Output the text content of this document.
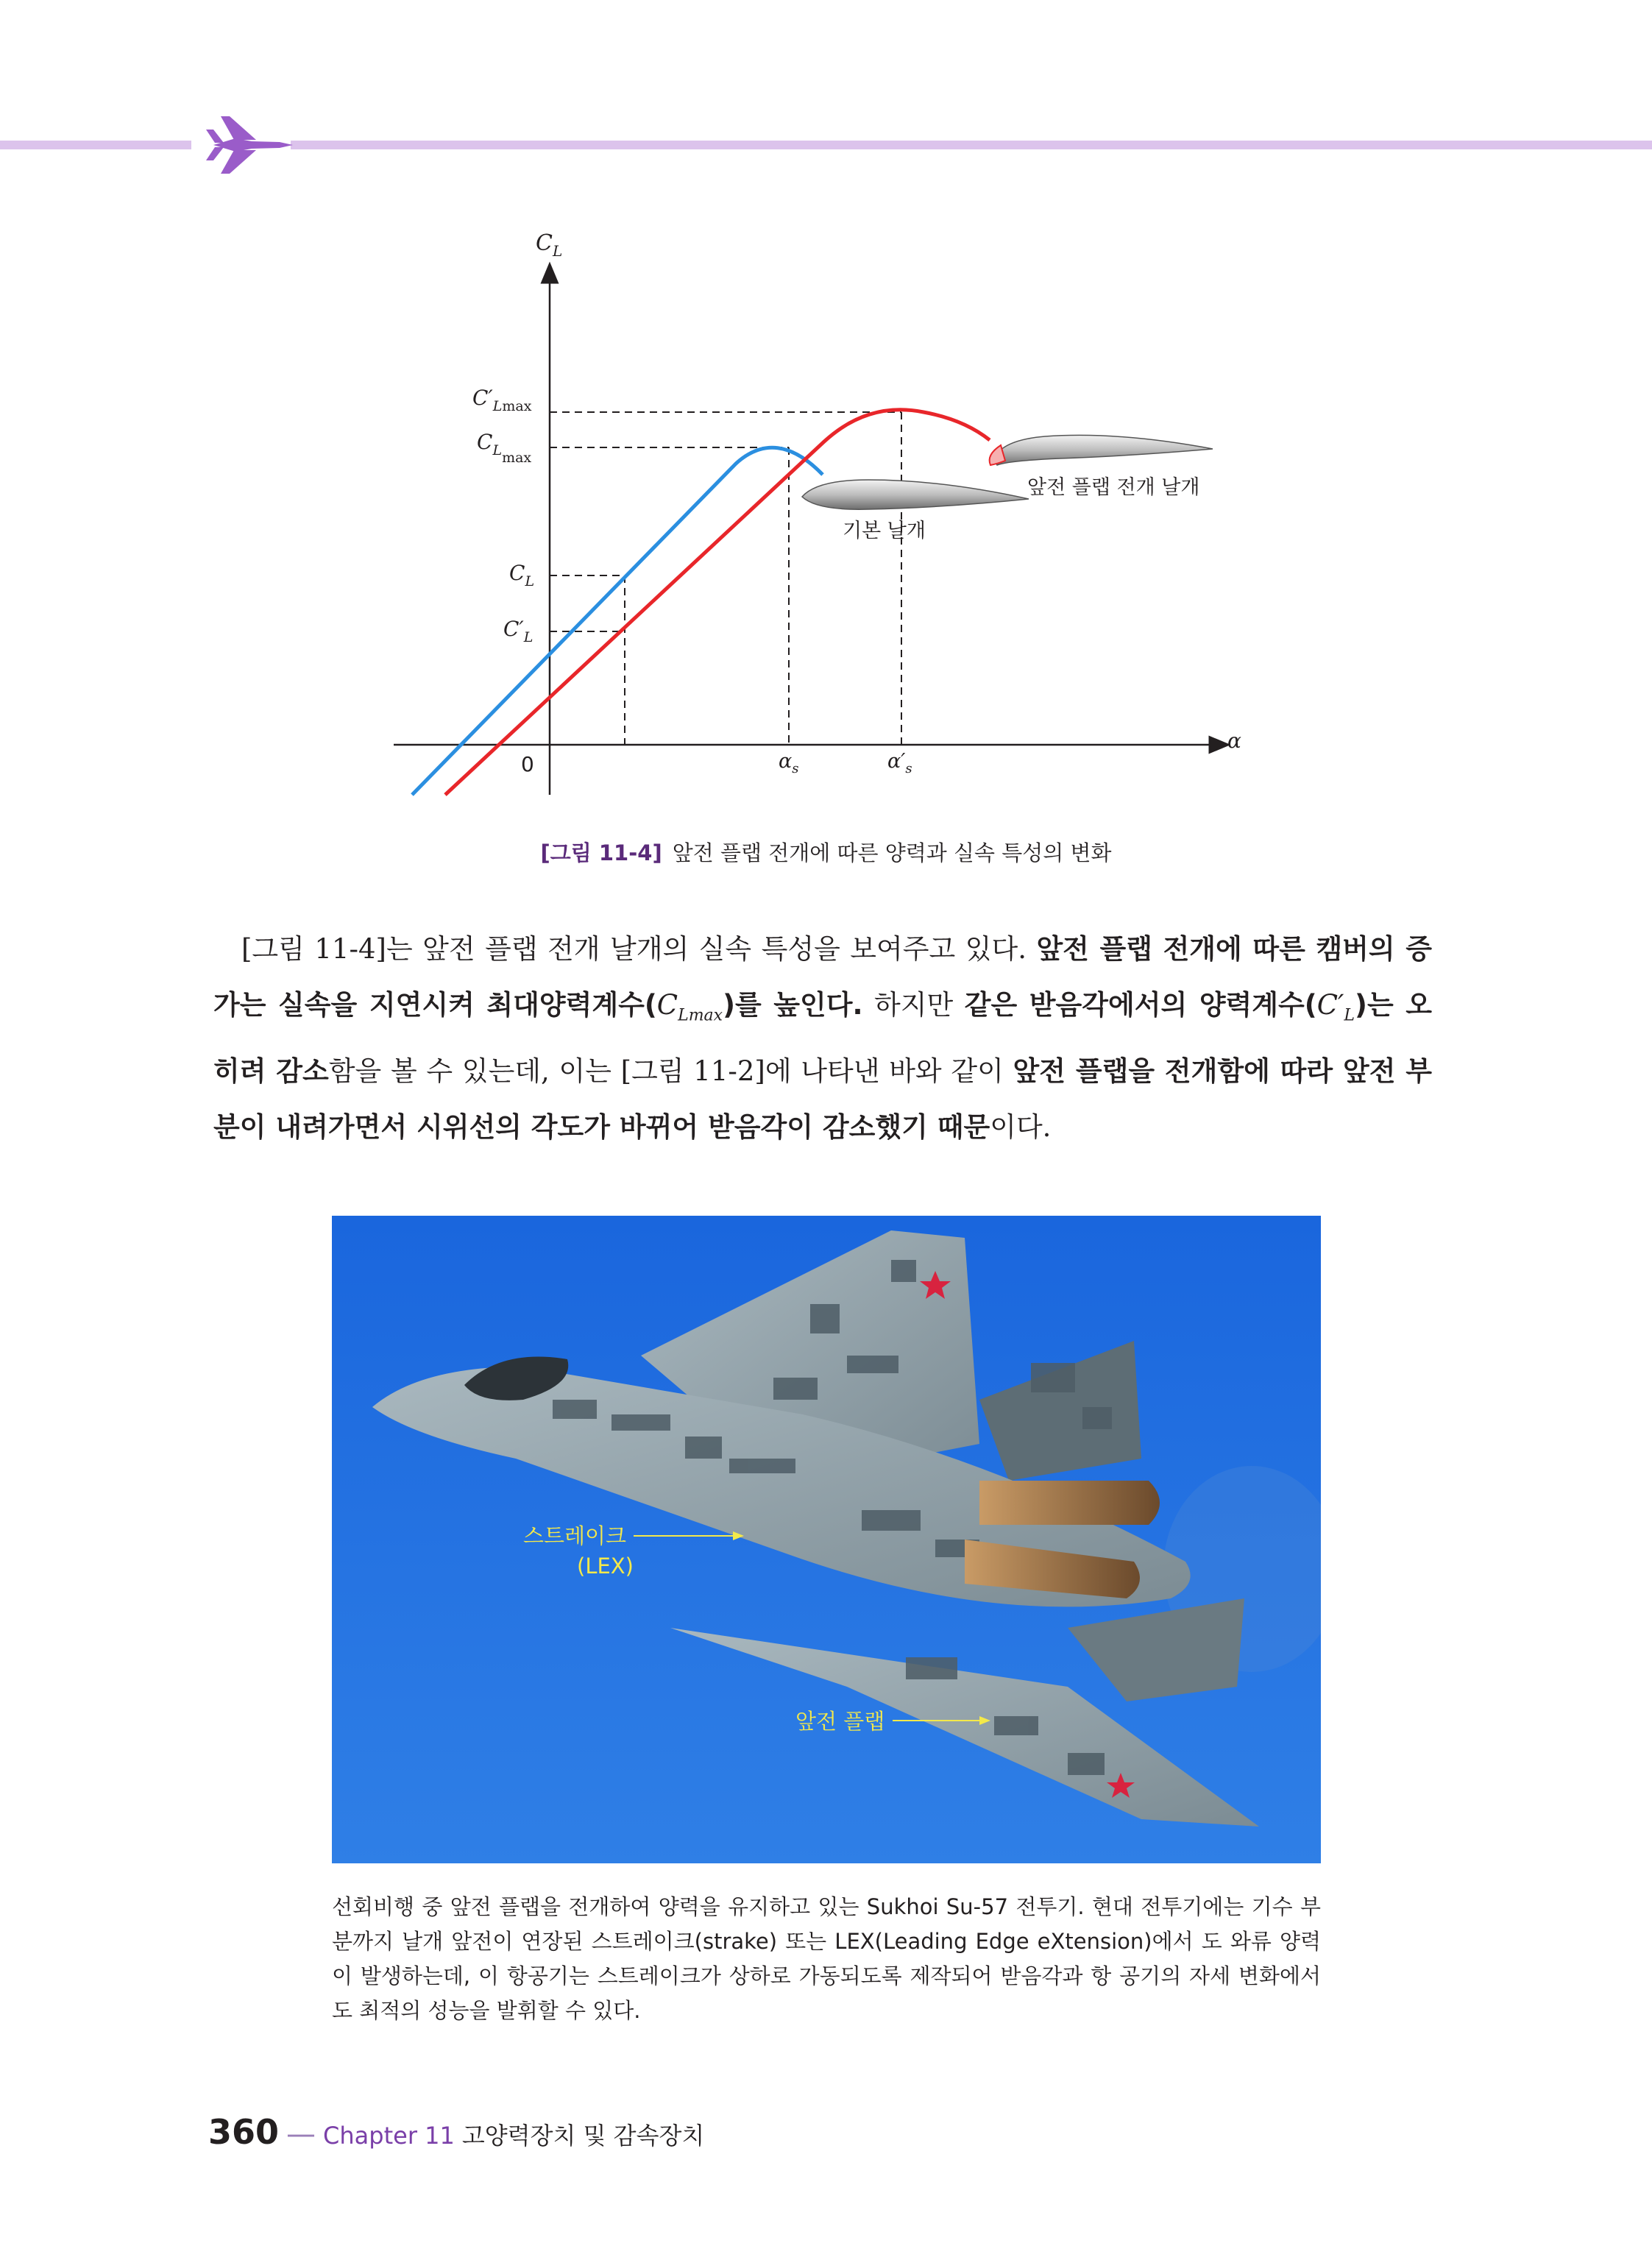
$C_L$
α
0
$C'_L\max$
$C_{Lmax}$
$C_L$
$C'_L$
$\alpha_s$	$\alpha'_s$
기본 날개
앞전 플랩 전개 날개
[그림 11-4] 앞전 플랩 전개에 따른 양력과 실속 특성의 변화

[그림 11-4]는 앞전 플랩 전개 날개의 실속 특성을 보여주고 있다. 앞전 플랩 전개에 따른 캠버의 증가는 실속을 지연시켜 최대양력계수$(C_{Lmax})$를 높인다. 하지만 같은 받음각에서의 양력계수$(C'_L)$는 오히려 감소함을 볼 수 있는데, 이는 [그림 11-2]에 나타낸 바와 같이 앞전 플랩을 전개함에 따라 앞전 부분이 내려가면서 시위선의 각도가 바뀌어 받음각이 감소했기 때문이다.

스트레이크
(LEX)
앞전 플랩

선회비행 중 앞전 플랩을 전개하여 양력을 유지하고 있는 Sukhoi Su-57 전투기. 현대 전투기에는 기수 부분까지 날개 앞전이 연장된 스트레이크(strake) 또는 LEX(Leading Edge eXtension)에서 도 와류 양력이 발생하는데, 이 항공기는 스트레이크가 상하로 가동되도록 제작되어 받음각과 항 공기의 자세 변화에서도 최적의 성능을 발휘할 수 있다.

360 — Chapter 11 고양력장치 및 감속장치
